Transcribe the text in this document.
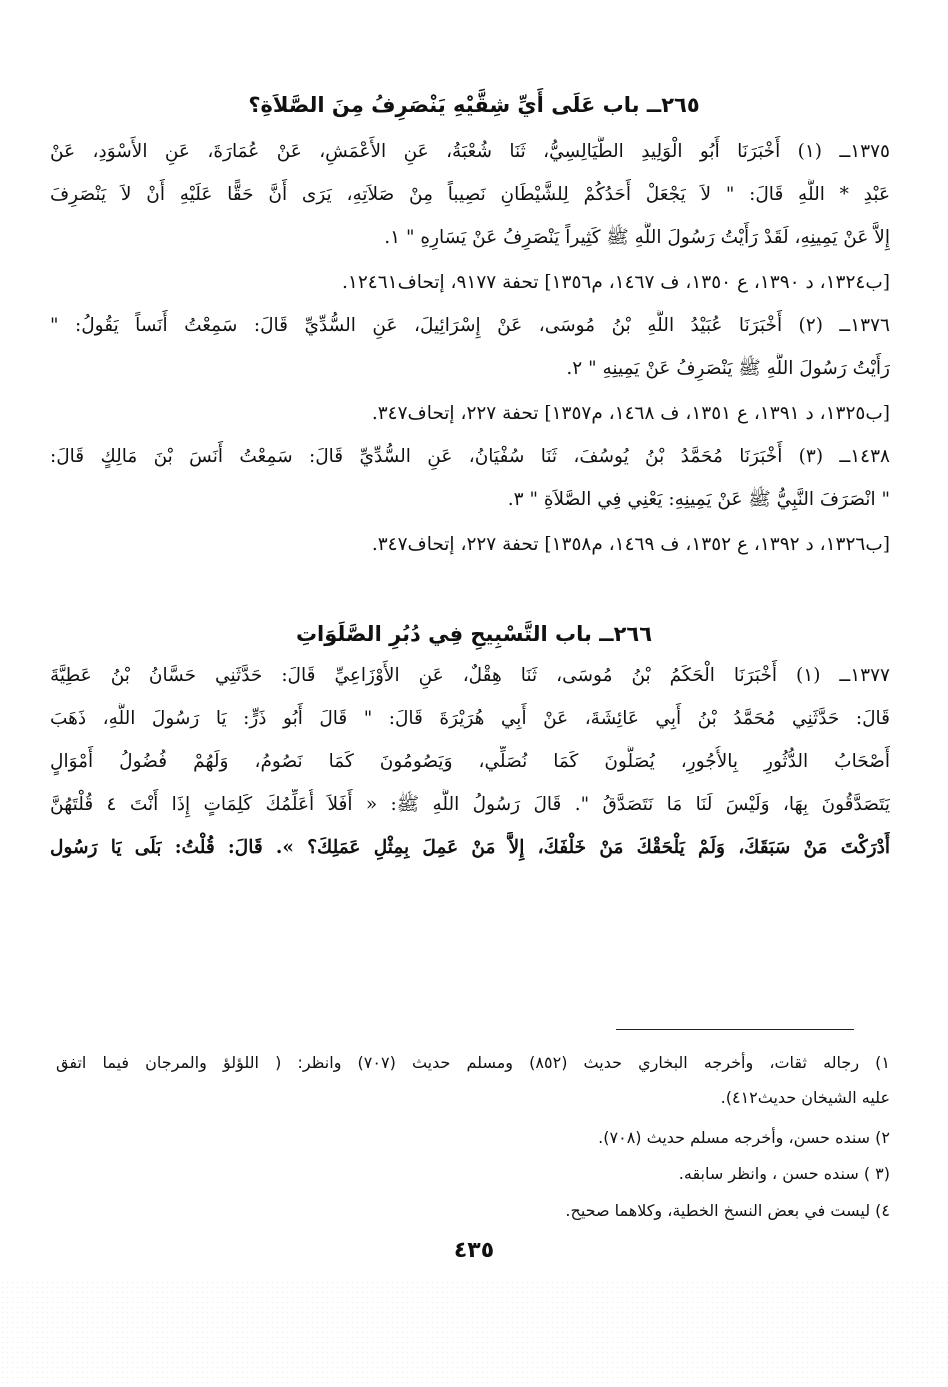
٢٦٥ــ باب عَلَى أَيِّ شِقَّيْهِ يَنْصَرِفُ مِنَ الصَّلاَةِ؟
١٣٧٥ــ (١) أَخْبَرَنَا أَبُو الْوَلِيدِ الطَّيَالِسِيُّ، ثَنَا شُعْبَةُ، عَنِ الأَعْمَشِ، عَنْ عُمَارَةَ، عَنِ الأَسْوَدِ، عَنْ
عَبْدِ * اللَّهِ قَالَ: " لاَ يَجْعَلْ أَحَدُكُمْ لِلشَّيْطَانِ نَصِيباً مِنْ صَلاَتِهِ، يَرَى أَنَّ حَقًّا عَلَيْهِ أَنْ لاَ يَنْصَرِفَ
إِلاَّ عَنْ يَمِينِهِ، لَقَدْ رَأَيْتُ رَسُولَ اللَّهِ ﷺ كَثِيراً يَنْصَرِفُ عَنْ يَسَارِهِ " ١.
[ب١٣٢٤، د ١٣٩٠، ع ١٣٥٠، ف ١٤٦٧، م١٣٥٦] تحفة ٩١٧٧، إتحاف١٢٤٦١.
١٣٧٦ــ (٢) أَخْبَرَنَا عُبَيْدُ اللَّهِ بْنُ مُوسَى، عَنْ إِسْرَائِيلَ، عَنِ السُّدِّيِّ قَالَ: سَمِعْتُ أَنَساً يَقُولُ: "
رَأَيْتُ رَسُولَ اللَّهِ ﷺ يَنْصَرِفُ عَنْ يَمِينِهِ " ٢.
[ب١٣٢٥، د ١٣٩١، ع ١٣٥١، ف ١٤٦٨، م١٣٥٧] تحفة ٢٢٧، إتحاف٣٤٧.
١٤٣٨ــ (٣) أَخْبَرَنَا مُحَمَّدُ بْنُ يُوسُفَ، ثَنَا سُفْيَانُ، عَنِ السُّدِّيِّ قَالَ: سَمِعْتُ أَنَسَ بْنَ مَالِكٍ قَالَ:
" انْصَرَفَ النَّبِيُّ ﷺ عَنْ يَمِينِهِ: يَعْنِي فِي الصَّلاَةِ " ٣.
[ب١٣٢٦، د ١٣٩٢، ع ١٣٥٢، ف ١٤٦٩، م١٣٥٨] تحفة ٢٢٧، إتحاف٣٤٧.
٢٦٦ــ باب التَّسْبِيحِ فِي دُبُرِ الصَّلَوَاتِ
١٣٧٧ــ (١) أَخْبَرَنَا الْحَكَمُ بْنُ مُوسَى، ثَنَا هِقْلٌ، عَنِ الأَوْزَاعِيِّ قَالَ: حَدَّثَنِي حَسَّانُ بْنُ عَطِيَّةَ
قَالَ: حَدَّثَنِي مُحَمَّدُ بْنُ أَبِي عَائِشَةَ، عَنْ أَبِي هُرَيْرَةَ قَالَ: " قَالَ أَبُو ذَرٍّ: يَا رَسُولَ اللَّهِ، ذَهَبَ
أَصْحَابُ الدُّثُورِ بِالأُجُورِ، يُصَلُّونَ كَمَا نُصَلِّي، وَيَصُومُونَ كَمَا نَصُومُ، وَلَهُمْ فُضُولُ أَمْوَالٍ
يَتَصَدَّقُونَ بِهَا، وَلَيْسَ لَنَا مَا نَتَصَدَّقُ ". قَالَ رَسُولُ اللَّهِ ﷺ: « أَفَلاَ أُعَلِّمُكَ كَلِمَاتٍ إِذَا أَنْتَ ٤ قُلْتَهُنَّ
أَدْرَكْتَ مَنْ سَبَقَكَ، وَلَمْ يَلْحَقْكَ مَنْ خَلْفَكَ، إِلاَّ مَنْ عَمِلَ بِمِثْلِ عَمَلِكَ؟ ». قَالَ: قُلْتُ: بَلَى يَا رَسُول
١) رجاله ثقات، وأخرجه البخاري حديث (٨٥٢) ومسلم حديث (٧٠٧) وانظر: ( اللؤلؤ والمرجان فيما اتفق
عليه الشيخان حديث٤١٢).
٢) سنده حسن، وأخرجه مسلم حديث (٧٠٨).
(٣ ) سنده حسن ، وانظر سابقه.
٤) ليست في بعض النسخ الخطية، وكلاهما صحيح.
٤٣٥
